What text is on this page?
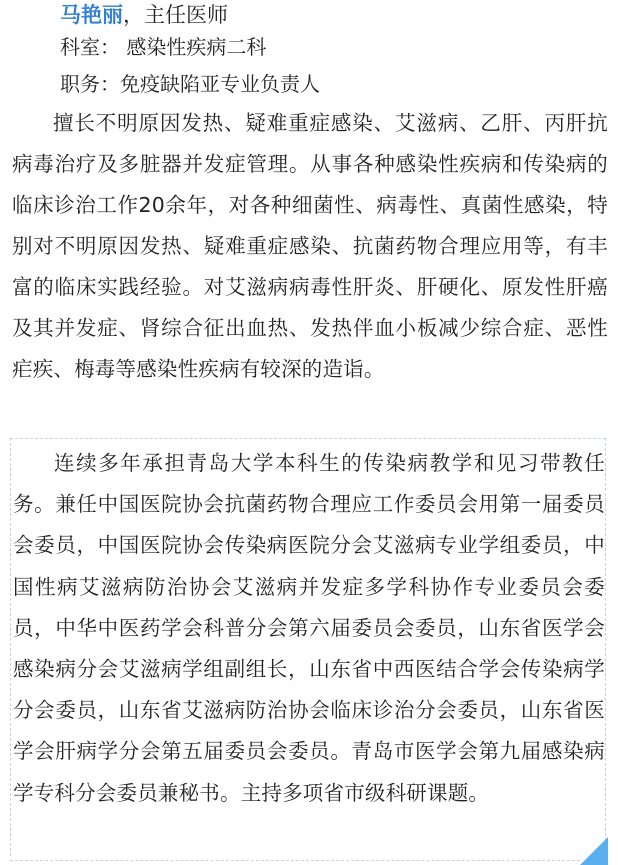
马艳丽，主任医师

科室： 感染性疾病二科

职务：免疫缺陷亚专业负责人

擅长不明原因发热、疑难重症感染、艾滋病、乙肝、丙肝抗病毒治疗及多脏器并发症管理。从事各种感染性疾病和传染病的临床诊治工作20余年，对各种细菌性、病毒性、真菌性感染，特别对不明原因发热、疑难重症感染、抗菌药物合理应用等，有丰富的临床实践经验。对艾滋病病毒性肝炎、肝硬化、原发性肝癌及其并发症、肾综合征出血热、发热伴血小板减少综合症、恶性疟疾、梅毒等感染性疾病有较深的造诣。

连续多年承担青岛大学本科生的传染病教学和见习带教任务。兼任中国医院协会抗菌药物合理应工作委员会用第一届委员会委员，中国医院协会传染病医院分会艾滋病专业学组委员，中国性病艾滋病防治协会艾滋病并发症多学科协作专业委员会委员，中华中医药学会科普分会第六届委员会委员，山东省医学会感染病分会艾滋病学组副组长，山东省中西医结合学会传染病学分会委员，山东省艾滋病防治协会临床诊治分会委员，山东省医学会肝病学分会第五届委员会委员。青岛市医学会第九届感染病学专科分会委员兼秘书。主持多项省市级科研课题。
